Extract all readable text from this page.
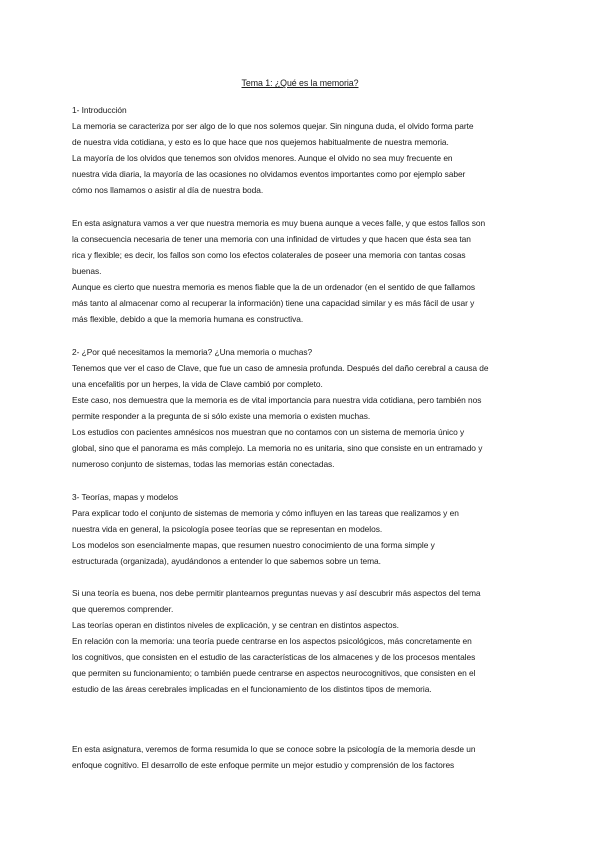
Tema 1: ¿Qué es la memoria?
1- Introducción
La memoria se caracteriza por ser algo de lo que nos solemos quejar. Sin ninguna duda, el olvido forma parte
de nuestra vida cotidiana, y esto es lo que hace que nos quejemos habitualmente de nuestra memoria.
La mayoría de los olvidos que tenemos son olvidos menores. Aunque el olvido no sea muy frecuente en
nuestra vida diaria, la mayoría de las ocasiones no olvidamos eventos importantes como por ejemplo saber
cómo nos llamamos o asistir al día de nuestra boda.
En esta asignatura vamos a ver que nuestra memoria es muy buena aunque a veces falle, y que estos fallos son
la consecuencia necesaria de tener una memoria con una infinidad de virtudes y que hacen que ésta sea tan
rica y flexible; es decir, los fallos son como los efectos colaterales de poseer una memoria con tantas cosas
buenas.
Aunque es cierto que nuestra memoria es menos fiable que la de un ordenador (en el sentido de que fallamos
más tanto al almacenar como al recuperar la información) tiene una capacidad similar y es más fácil de usar y
más flexible, debido a que la memoria humana es constructiva.
2- ¿Por qué necesitamos la memoria? ¿Una memoria o muchas?
Tenemos que ver el caso de Clave, que fue un caso de amnesia profunda. Después del daño cerebral a causa de
una encefalitis por un herpes, la vida de Clave cambió por completo.
Este caso, nos demuestra que la memoria es de vital importancia para nuestra vida cotidiana, pero también nos
permite responder a la pregunta de si sólo existe una memoria o existen muchas.
Los estudios con pacientes amnésicos nos muestran que no contamos con un sistema de memoria único y
global, sino que el panorama es más complejo. La memoria no es unitaria, sino que consiste en un entramado y
numeroso conjunto de sistemas, todas las memorias están conectadas.
3- Teorías, mapas y modelos
Para explicar todo el conjunto de sistemas de memoria y cómo influyen en las tareas que realizamos y en
nuestra vida en general, la psicología posee teorías que se representan en modelos.
Los modelos son esencialmente mapas, que resumen nuestro conocimiento de una forma simple y
estructurada (organizada), ayudándonos a entender lo que sabemos sobre un tema.
Si una teoría es buena, nos debe permitir plantearnos preguntas nuevas y así descubrir más aspectos del tema
que queremos comprender.
Las teorías operan en distintos niveles de explicación, y se centran en distintos aspectos.
En relación con la memoria: una teoría puede centrarse en los aspectos psicológicos, más concretamente en
los cognitivos, que consisten en el estudio de las características de los almacenes y de los procesos mentales
que permiten su funcionamiento; o también puede centrarse en aspectos neurocognitivos, que consisten en el
estudio de las áreas cerebrales implicadas en el funcionamiento de los distintos tipos de memoria.
En esta asignatura, veremos de forma resumida lo que se conoce sobre la psicología de la memoria desde un
enfoque cognitivo. El desarrollo de este enfoque permite un mejor estudio y comprensión de los factores
